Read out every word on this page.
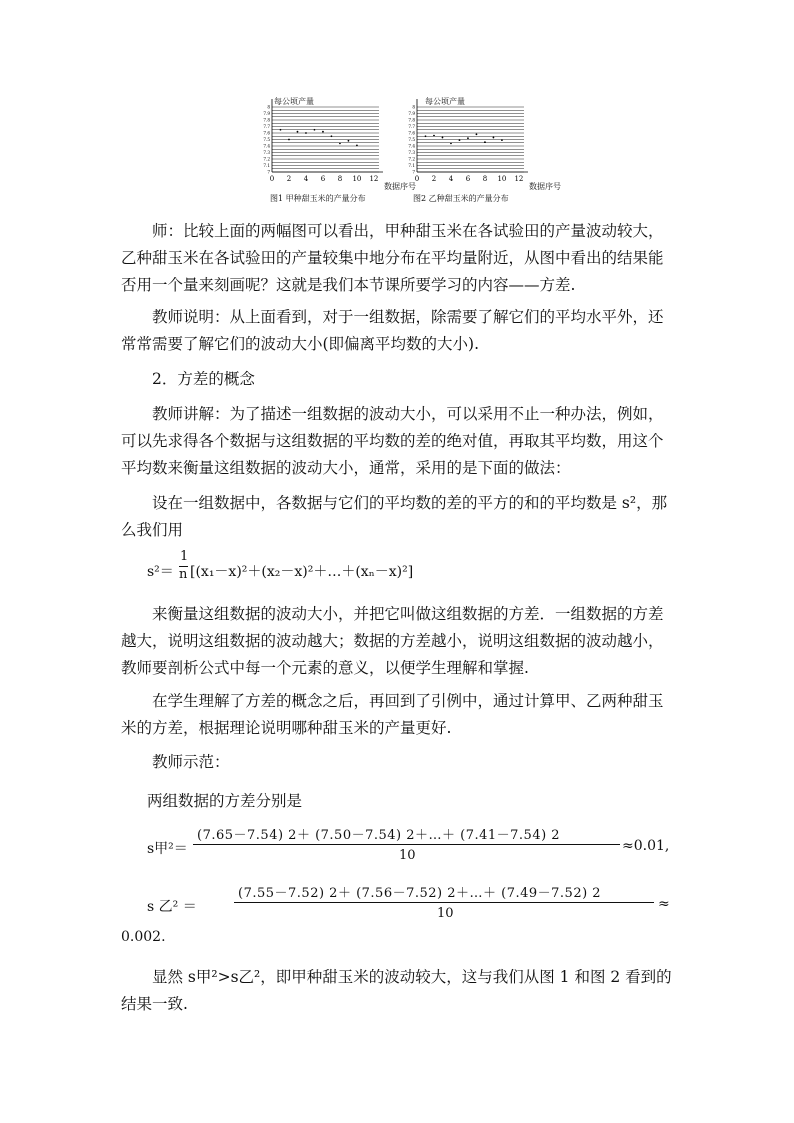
8
7.9
7.8
7.7
7.6
7.5
7.4
7.3
7.2
7.1
7
0 2 4 6 8 10 12
每公顷产量
数据序号
图1 甲种甜玉米的产量分布
8
7.9
7.8
7.7
7.6
7.5
7.4
7.3
7.2
7.1
7
0 2 4 6 8 10 12
每公顷产量
数据序号
图2 乙种甜玉米的产量分布

师：比较上面的两幅图可以看出，甲种甜玉米在各试验田的产量波动较大，乙种甜玉米在各试验田的产量较集中地分布在平均量附近，从图中看出的结果能否用一个量来刻画呢？这就是我们本节课所要学习的内容——方差.

教师说明：从上面看到，对于一组数据，除需要了解它们的平均水平外，还常常需要了解它们的波动大小(即偏离平均数的大小).

2．方差的概念

教师讲解：为了描述一组数据的波动大小，可以采用不止一种办法，例如，可以先求得各个数据与这组数据的平均数的差的绝对值，再取其平均数，用这个平均数来衡量这组数据的波动大小，通常，采用的是下面的做法：

设在一组数据中，各数据与它们的平均数的差的平方的和的平均数是 s²，那么我们用

s²＝
1
n [(x₁－x)²＋(x₂－x)²＋…＋(xₙ－x)²]

来衡量这组数据的波动大小，并把它叫做这组数据的方差．一组数据的方差越大，说明这组数据的波动越大；数据的方差越小，说明这组数据的波动越小，教师要剖析公式中每一个元素的意义，以便学生理解和掌握.

在学生理解了方差的概念之后，再回到了引例中，通过计算甲、乙两种甜玉米的方差，根据理论说明哪种甜玉米的产量更好.

教师示范：

两组数据的方差分别是

s甲²＝
(7.65－7.54) 2＋ (7.50－7.54) 2＋…＋ (7.41－7.54) 2
10
≈0.01,
s 乙² ＝
(7.55－7.52) 2＋ (7.56－7.52) 2＋…＋ (7.49－7.52) 2
10
≈
0.002.

显然 s甲²>s乙²，即甲种甜玉米的波动较大，这与我们从图 1 和图 2 看到的结果一致.
